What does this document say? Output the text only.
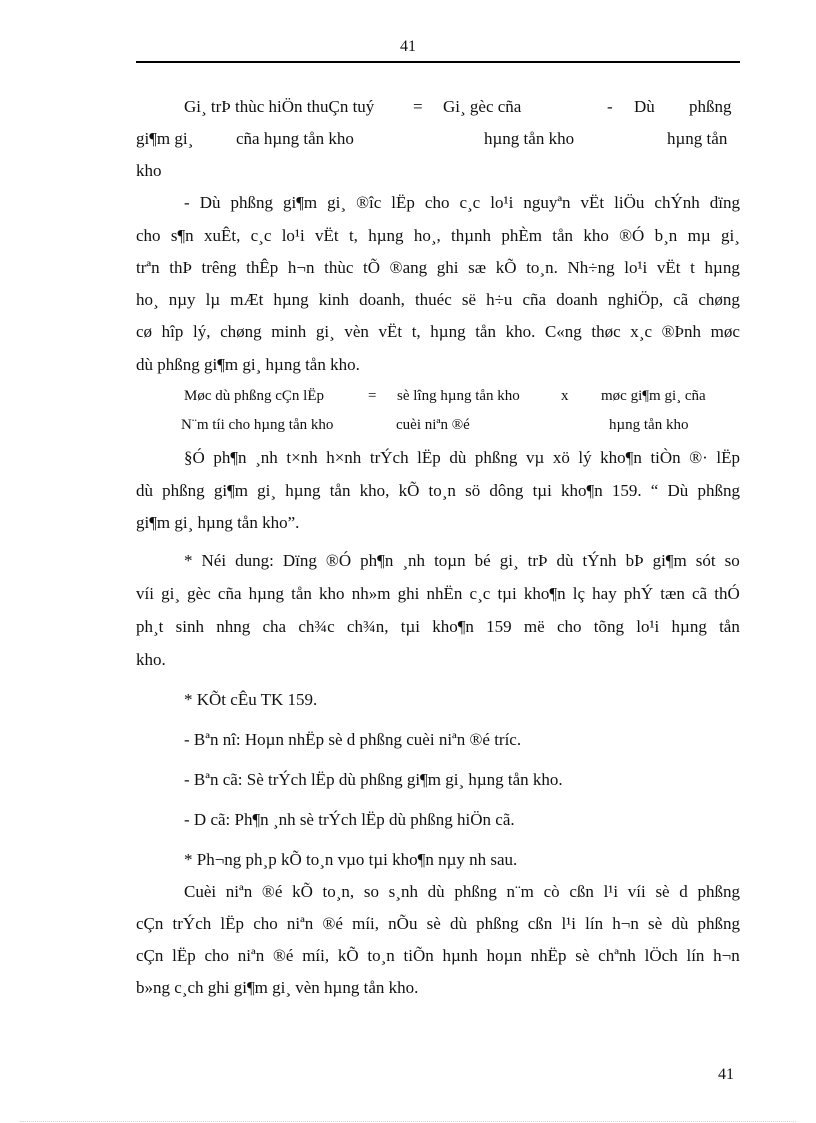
41
Gi¸ trÞ thùc hiÖn thuÇn tuý = Gi¸ gèc cña	- Dù phßng
gi¶m gi¸	cña hµng tån kho	hµng tån kho	hµng tån
kho
- Dù phßng gi¶m gi¸ ®îc lËp cho c¸c lo¹i nguyªn vËt liÖu chÝnh dïng
cho s¶n xuÊt, c¸c lo¹i vËt t, hµng ho¸, thµnh phÈm tån kho ®Ó b¸n mµ gi¸
trªn thÞ trêng thÊp h¬n thùc tÕ ®ang ghi sæ kÕ to¸n. Nh÷ng lo¹i vËt t hµng
ho¸ nµy lµ mÆt hµng kinh doanh, thuéc së h÷u cña doanh nghiÖp, cã chøng
cø hîp lý, chøng minh gi¸ vèn vËt t, hµng tån kho. C«ng thøc x¸c ®Þnh møc
dù phßng gi¶m gi¸ hµng tån kho.
Møc dù phßng cÇn lËp	= sè lîng hµng tån kho	x møc gi¶m gi¸ cña
N¨m tíi cho hµng tån kho	cuèi niªn ®é	hµng tån kho
§Ó ph¶n ¸nh t×nh h×nh trÝch lËp dù phßng vµ xö lý kho¶n tiÒn ®· lËp
dù phßng gi¶m gi¸ hµng tån kho, kÕ to¸n sö dông tµi kho¶n 159. “ Dù phßng
gi¶m gi¸ hµng tån kho”.
* Néi dung: Dïng ®Ó ph¶n ¸nh toµn bé gi¸ trÞ dù tÝnh bÞ gi¶m sót so
víi gi¸ gèc cña hµng tån kho nh»m ghi nhËn c¸c tµi kho¶n lç hay phÝ tæn cã thÓ
ph¸t sinh nhng cha ch¾c ch¾n, tµi kho¶n 159 më cho tõng lo¹i hµng tån
kho.
* KÕt cÊu TK 159.
- Bªn nî: Hoµn nhËp sè d phßng cuèi niªn ®é tríc.
- Bªn cã: Sè trÝch lËp dù phßng gi¶m gi¸ hµng tån kho.
- D cã: Ph¶n ¸nh sè trÝch lËp dù phßng hiÖn cã.
* Ph¬ng ph¸p kÕ to¸n vµo tµi kho¶n nµy nh sau.
Cuèi niªn ®é kÕ to¸n, so s¸nh dù phßng n¨m cò cßn l¹i víi sè d phßng
cÇn trÝch lËp cho niªn ®é míi, nÕu sè dù phßng cßn l¹i lín h¬n sè dù phßng
cÇn lËp cho niªn ®é míi, kÕ to¸n tiÕn hµnh hoµn nhËp sè chªnh lÖch lín h¬n
b»ng c¸ch ghi gi¶m gi¸ vèn hµng tån kho.
41
